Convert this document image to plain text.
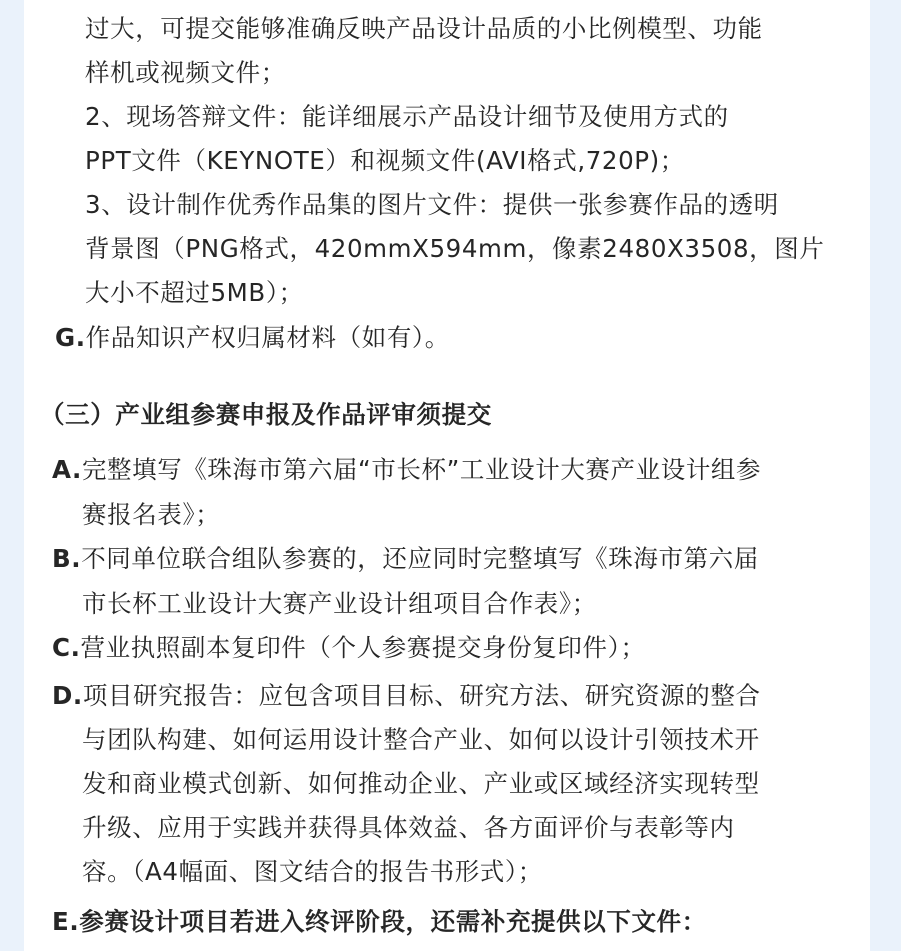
过大，可提交能够准确反映产品设计品质的小比例模型、功能
样机或视频文件；
2、现场答辩文件：能详细展示产品设计细节及使用方式的
PPT文件（KEYNOTE）和视频文件(AVI格式,720P)；
3、设计制作优秀作品集的图片文件：提供一张参赛作品的透明
背景图（PNG格式，420mmX594mm，像素2480X3508，图片
大小不超过5MB）；
G.作品知识产权归属材料（如有）。
（三）产业组参赛申报及作品评审须提交
A.完整填写《珠海市第六届“市长杯”工业设计大赛产业设计组参
赛报名表》；
B.不同单位联合组队参赛的，还应同时完整填写《珠海市第六届
市长杯工业设计大赛产业设计组项目合作表》；
C.营业执照副本复印件（个人参赛提交身份复印件）；
D.项目研究报告：应包含项目目标、研究方法、研究资源的整合
与团队构建、如何运用设计整合产业、如何以设计引领技术开
发和商业模式创新、如何推动企业、产业或区域经济实现转型
升级、应用于实践并获得具体效益、各方面评价与表彰等内
容。（A4幅面、图文结合的报告书形式）；
E.参赛设计项目若进入终评阶段，还需补充提供以下文件：
